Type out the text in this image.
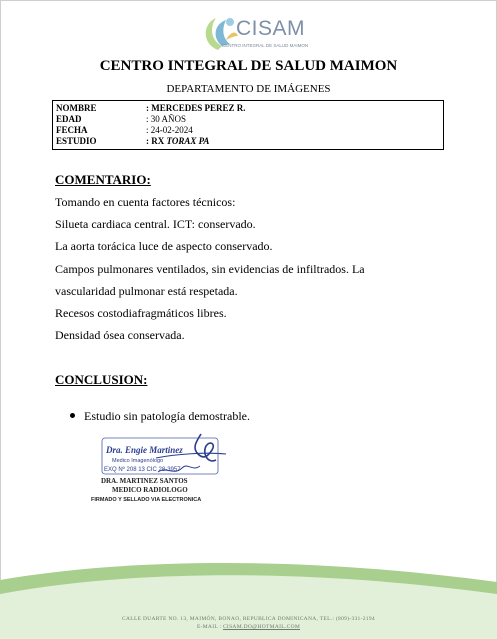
CISAM
CENTRO INTEGRAL DE SALUD MAIMON
CENTRO INTEGRAL DE SALUD MAIMON
DEPARTAMENTO DE IMÁGENES
NOMBRE	: MERCEDES PEREZ R.
EDAD	: 30 AÑOS
FECHA	: 24-02-2024
ESTUDIO	: RX TORAX PA
COMENTARIO:
Tomando en cuenta factores técnicos:
Silueta cardiaca central. ICT: conservado.
La aorta torácica luce de aspecto conservado.
Campos pulmonares ventilados, sin evidencias de infiltrados. La
vascularidad pulmonar está respetada.
Recesos costodiafragmáticos libres.
Densidad ósea conservada.
CONCLUSION:
Estudio sin patología demostrable.
Dra. Engie Martinez
Medico Imagenólogo
EXQ Nº 208 13 CIC 28-3957
DRA. MARTINEZ SANTOS
MEDICO RADIOLOGO
FIRMADO Y SELLADO VIA ELECTRONICA
CALLE DUARTE NO. 13, MAIMÓN, BONAO, REPUBLICA DOMINICANA, TEL.: (809)-331-2194
E-MAIL : CISAM.DO@HOTMAIL.COM
